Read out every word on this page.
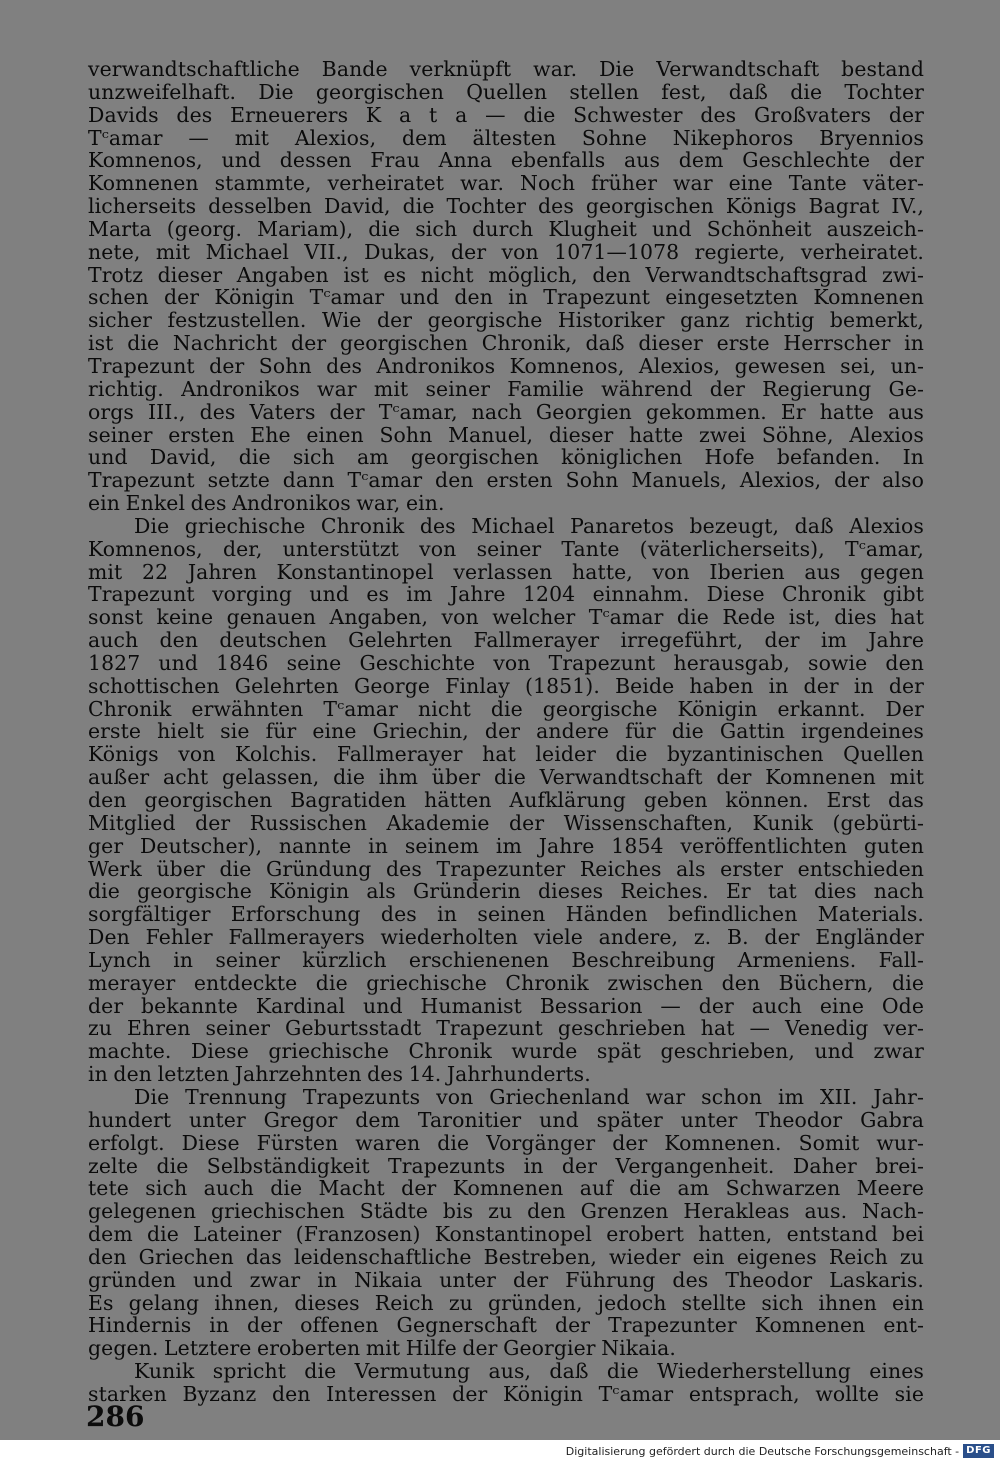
verwandtschaftliche Bande verknüpft war. Die Verwandtschaft bestand
unzweifelhaft. Die georgischen Quellen stellen fest, daß die Tochter
Davids des Erneuerers K a t a — die Schwester des Großvaters der
Tᶜamar — mit Alexios, dem ältesten Sohne Nikephoros Bryennios
Komnenos, und dessen Frau Anna ebenfalls aus dem Geschlechte der
Komnenen stammte, verheiratet war. Noch früher war eine Tante väter-
licherseits desselben David, die Tochter des georgischen Königs Bagrat IV.,
Marta (georg. Mariam), die sich durch Klugheit und Schönheit auszeich-
nete, mit Michael VII., Dukas, der von 1071—1078 regierte, verheiratet.
Trotz dieser Angaben ist es nicht möglich, den Verwandtschaftsgrad zwi-
schen der Königin Tᶜamar und den in Trapezunt eingesetzten Komnenen
sicher festzustellen. Wie der georgische Historiker ganz richtig bemerkt,
ist die Nachricht der georgischen Chronik, daß dieser erste Herrscher in
Trapezunt der Sohn des Andronikos Komnenos, Alexios, gewesen sei, un-
richtig. Andronikos war mit seiner Familie während der Regierung Ge-
orgs III., des Vaters der Tᶜamar, nach Georgien gekommen. Er hatte aus
seiner ersten Ehe einen Sohn Manuel, dieser hatte zwei Söhne, Alexios
und David, die sich am georgischen königlichen Hofe befanden. In
Trapezunt setzte dann Tᶜamar den ersten Sohn Manuels, Alexios, der also
ein Enkel des Andronikos war, ein.
Die griechische Chronik des Michael Panaretos bezeugt, daß Alexios
Komnenos, der, unterstützt von seiner Tante (väterlicherseits), Tᶜamar,
mit 22 Jahren Konstantinopel verlassen hatte, von Iberien aus gegen
Trapezunt vorging und es im Jahre 1204 einnahm. Diese Chronik gibt
sonst keine genauen Angaben, von welcher Tᶜamar die Rede ist, dies hat
auch den deutschen Gelehrten Fallmerayer irregeführt, der im Jahre
1827 und 1846 seine Geschichte von Trapezunt herausgab, sowie den
schottischen Gelehrten George Finlay (1851). Beide haben in der in der
Chronik erwähnten Tᶜamar nicht die georgische Königin erkannt. Der
erste hielt sie für eine Griechin, der andere für die Gattin irgendeines
Königs von Kolchis. Fallmerayer hat leider die byzantinischen Quellen
außer acht gelassen, die ihm über die Verwandtschaft der Komnenen mit
den georgischen Bagratiden hätten Aufklärung geben können. Erst das
Mitglied der Russischen Akademie der Wissenschaften, Kunik (gebürti-
ger Deutscher), nannte in seinem im Jahre 1854 veröffentlichten guten
Werk über die Gründung des Trapezunter Reiches als erster entschieden
die georgische Königin als Gründerin dieses Reiches. Er tat dies nach
sorgfältiger Erforschung des in seinen Händen befindlichen Materials.
Den Fehler Fallmerayers wiederholten viele andere, z. B. der Engländer
Lynch in seiner kürzlich erschienenen Beschreibung Armeniens. Fall-
merayer entdeckte die griechische Chronik zwischen den Büchern, die
der bekannte Kardinal und Humanist Bessarion — der auch eine Ode
zu Ehren seiner Geburtsstadt Trapezunt geschrieben hat — Venedig ver-
machte. Diese griechische Chronik wurde spät geschrieben, und zwar
in den letzten Jahrzehnten des 14. Jahrhunderts.
Die Trennung Trapezunts von Griechenland war schon im XII. Jahr-
hundert unter Gregor dem Taronitier und später unter Theodor Gabra
erfolgt. Diese Fürsten waren die Vorgänger der Komnenen. Somit wur-
zelte die Selbständigkeit Trapezunts in der Vergangenheit. Daher brei-
tete sich auch die Macht der Komnenen auf die am Schwarzen Meere
gelegenen griechischen Städte bis zu den Grenzen Herakleas aus. Nach-
dem die Lateiner (Franzosen) Konstantinopel erobert hatten, entstand bei
den Griechen das leidenschaftliche Bestreben, wieder ein eigenes Reich zu
gründen und zwar in Nikaia unter der Führung des Theodor Laskaris.
Es gelang ihnen, dieses Reich zu gründen, jedoch stellte sich ihnen ein
Hindernis in der offenen Gegnerschaft der Trapezunter Komnenen ent-
gegen. Letztere eroberten mit Hilfe der Georgier Nikaia.
Kunik spricht die Vermutung aus, daß die Wiederherstellung eines
starken Byzanz den Interessen der Königin Tᶜamar entsprach, wollte sie
286
Digitalisierung gefördert durch die Deutsche Forschungsgemeinschaft - DFG
